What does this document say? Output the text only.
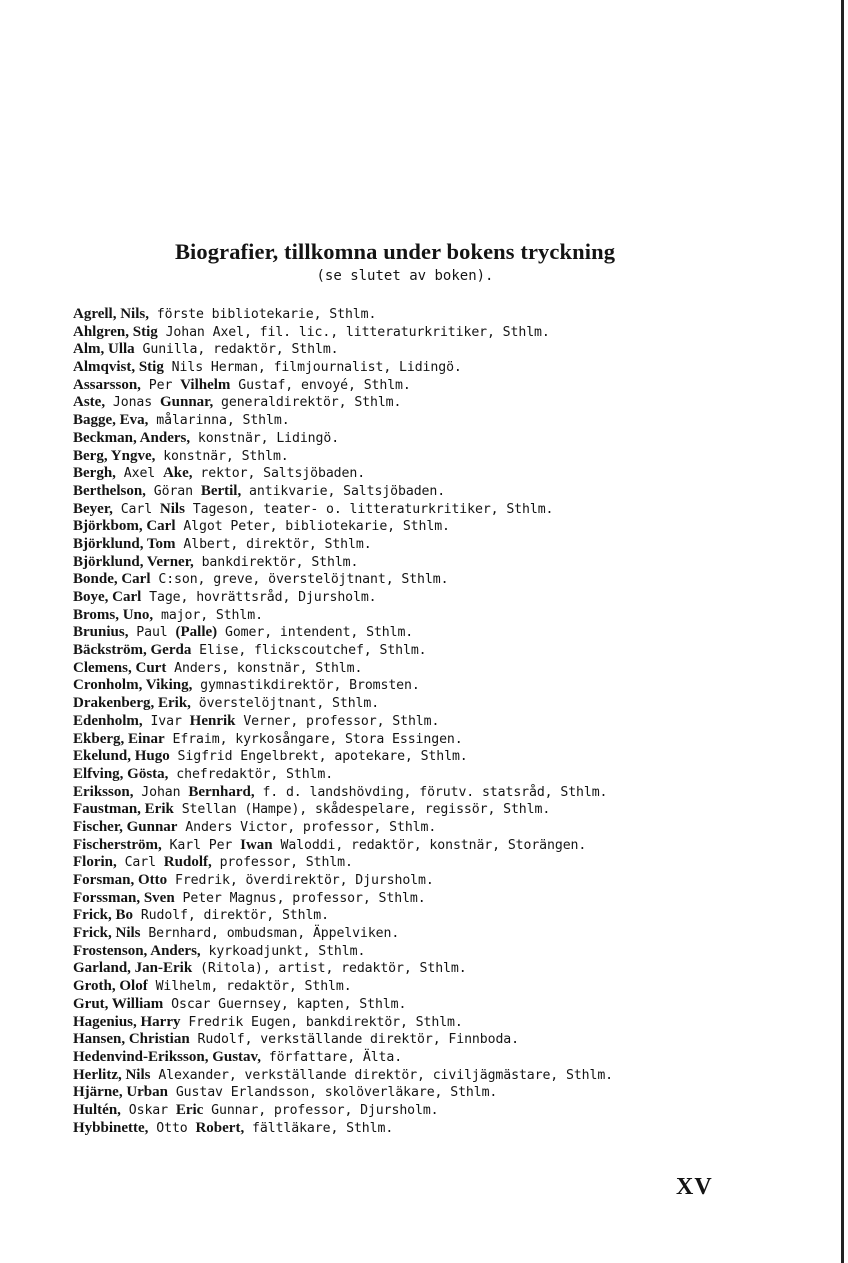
Biografier, tillkomna under bokens tryckning

(se slutet av boken).

Agrell, Nils, förste bibliotekarie, Sthlm.
Ahlgren, Stig Johan Axel, fil. lic., litteraturkritiker, Sthlm.
Alm, Ulla Gunilla, redaktör, Sthlm.
Almqvist, Stig Nils Herman, filmjournalist, Lidingö.
Assarsson, Per Vilhelm Gustaf, envoyé, Sthlm.
Aste, Jonas Gunnar, generaldirektör, Sthlm.
Bagge, Eva, målarinna, Sthlm.
Beckman, Anders, konstnär, Lidingö.
Berg, Yngve, konstnär, Sthlm.
Bergh, Axel Ake, rektor, Saltsjöbaden.
Berthelson, Göran Bertil, antikvarie, Saltsjöbaden.
Beyer, Carl Nils Tageson, teater- o. litteraturkritiker, Sthlm.
Björkbom, Carl Algot Peter, bibliotekarie, Sthlm.
Björklund, Tom Albert, direktör, Sthlm.
Björklund, Verner, bankdirektör, Sthlm.
Bonde, Carl C:son, greve, överstelöjtnant, Sthlm.
Boye, Carl Tage, hovrättsråd, Djursholm.
Broms, Uno, major, Sthlm.
Brunius, Paul (Palle) Gomer, intendent, Sthlm.
Bäckström, Gerda Elise, flickscoutchef, Sthlm.
Clemens, Curt Anders, konstnär, Sthlm.
Cronholm, Viking, gymnastikdirektör, Bromsten.
Drakenberg, Erik, överstelöjtnant, Sthlm.
Edenholm, Ivar Henrik Verner, professor, Sthlm.
Ekberg, Einar Efraim, kyrkosångare, Stora Essingen.
Ekelund, Hugo Sigfrid Engelbrekt, apotekare, Sthlm.
Elfving, Gösta, chefredaktör, Sthlm.
Eriksson, Johan Bernhard, f. d. landshövding, förutv. statsråd, Sthlm.
Faustman, Erik Stellan (Hampe), skådespelare, regissör, Sthlm.
Fischer, Gunnar Anders Victor, professor, Sthlm.
Fischerström, Karl Per Iwan Waloddi, redaktör, konstnär, Storängen.
Florin, Carl Rudolf, professor, Sthlm.
Forsman, Otto Fredrik, överdirektör, Djursholm.
Forssman, Sven Peter Magnus, professor, Sthlm.
Frick, Bo Rudolf, direktör, Sthlm.
Frick, Nils Bernhard, ombudsman, Äppelviken.
Frostenson, Anders, kyrkoadjunkt, Sthlm.
Garland, Jan-Erik (Ritola), artist, redaktör, Sthlm.
Groth, Olof Wilhelm, redaktör, Sthlm.
Grut, William Oscar Guernsey, kapten, Sthlm.
Hagenius, Harry Fredrik Eugen, bankdirektör, Sthlm.
Hansen, Christian Rudolf, verkställande direktör, Finnboda.
Hedenvind-Eriksson, Gustav, författare, Älta.
Herlitz, Nils Alexander, verkställande direktör, civiljägmästare, Sthlm.
Hjärne, Urban Gustav Erlandsson, skolöverläkare, Sthlm.
Hultén, Oskar Eric Gunnar, professor, Djursholm.
Hybbinette, Otto Robert, fältläkare, Sthlm.
XV
